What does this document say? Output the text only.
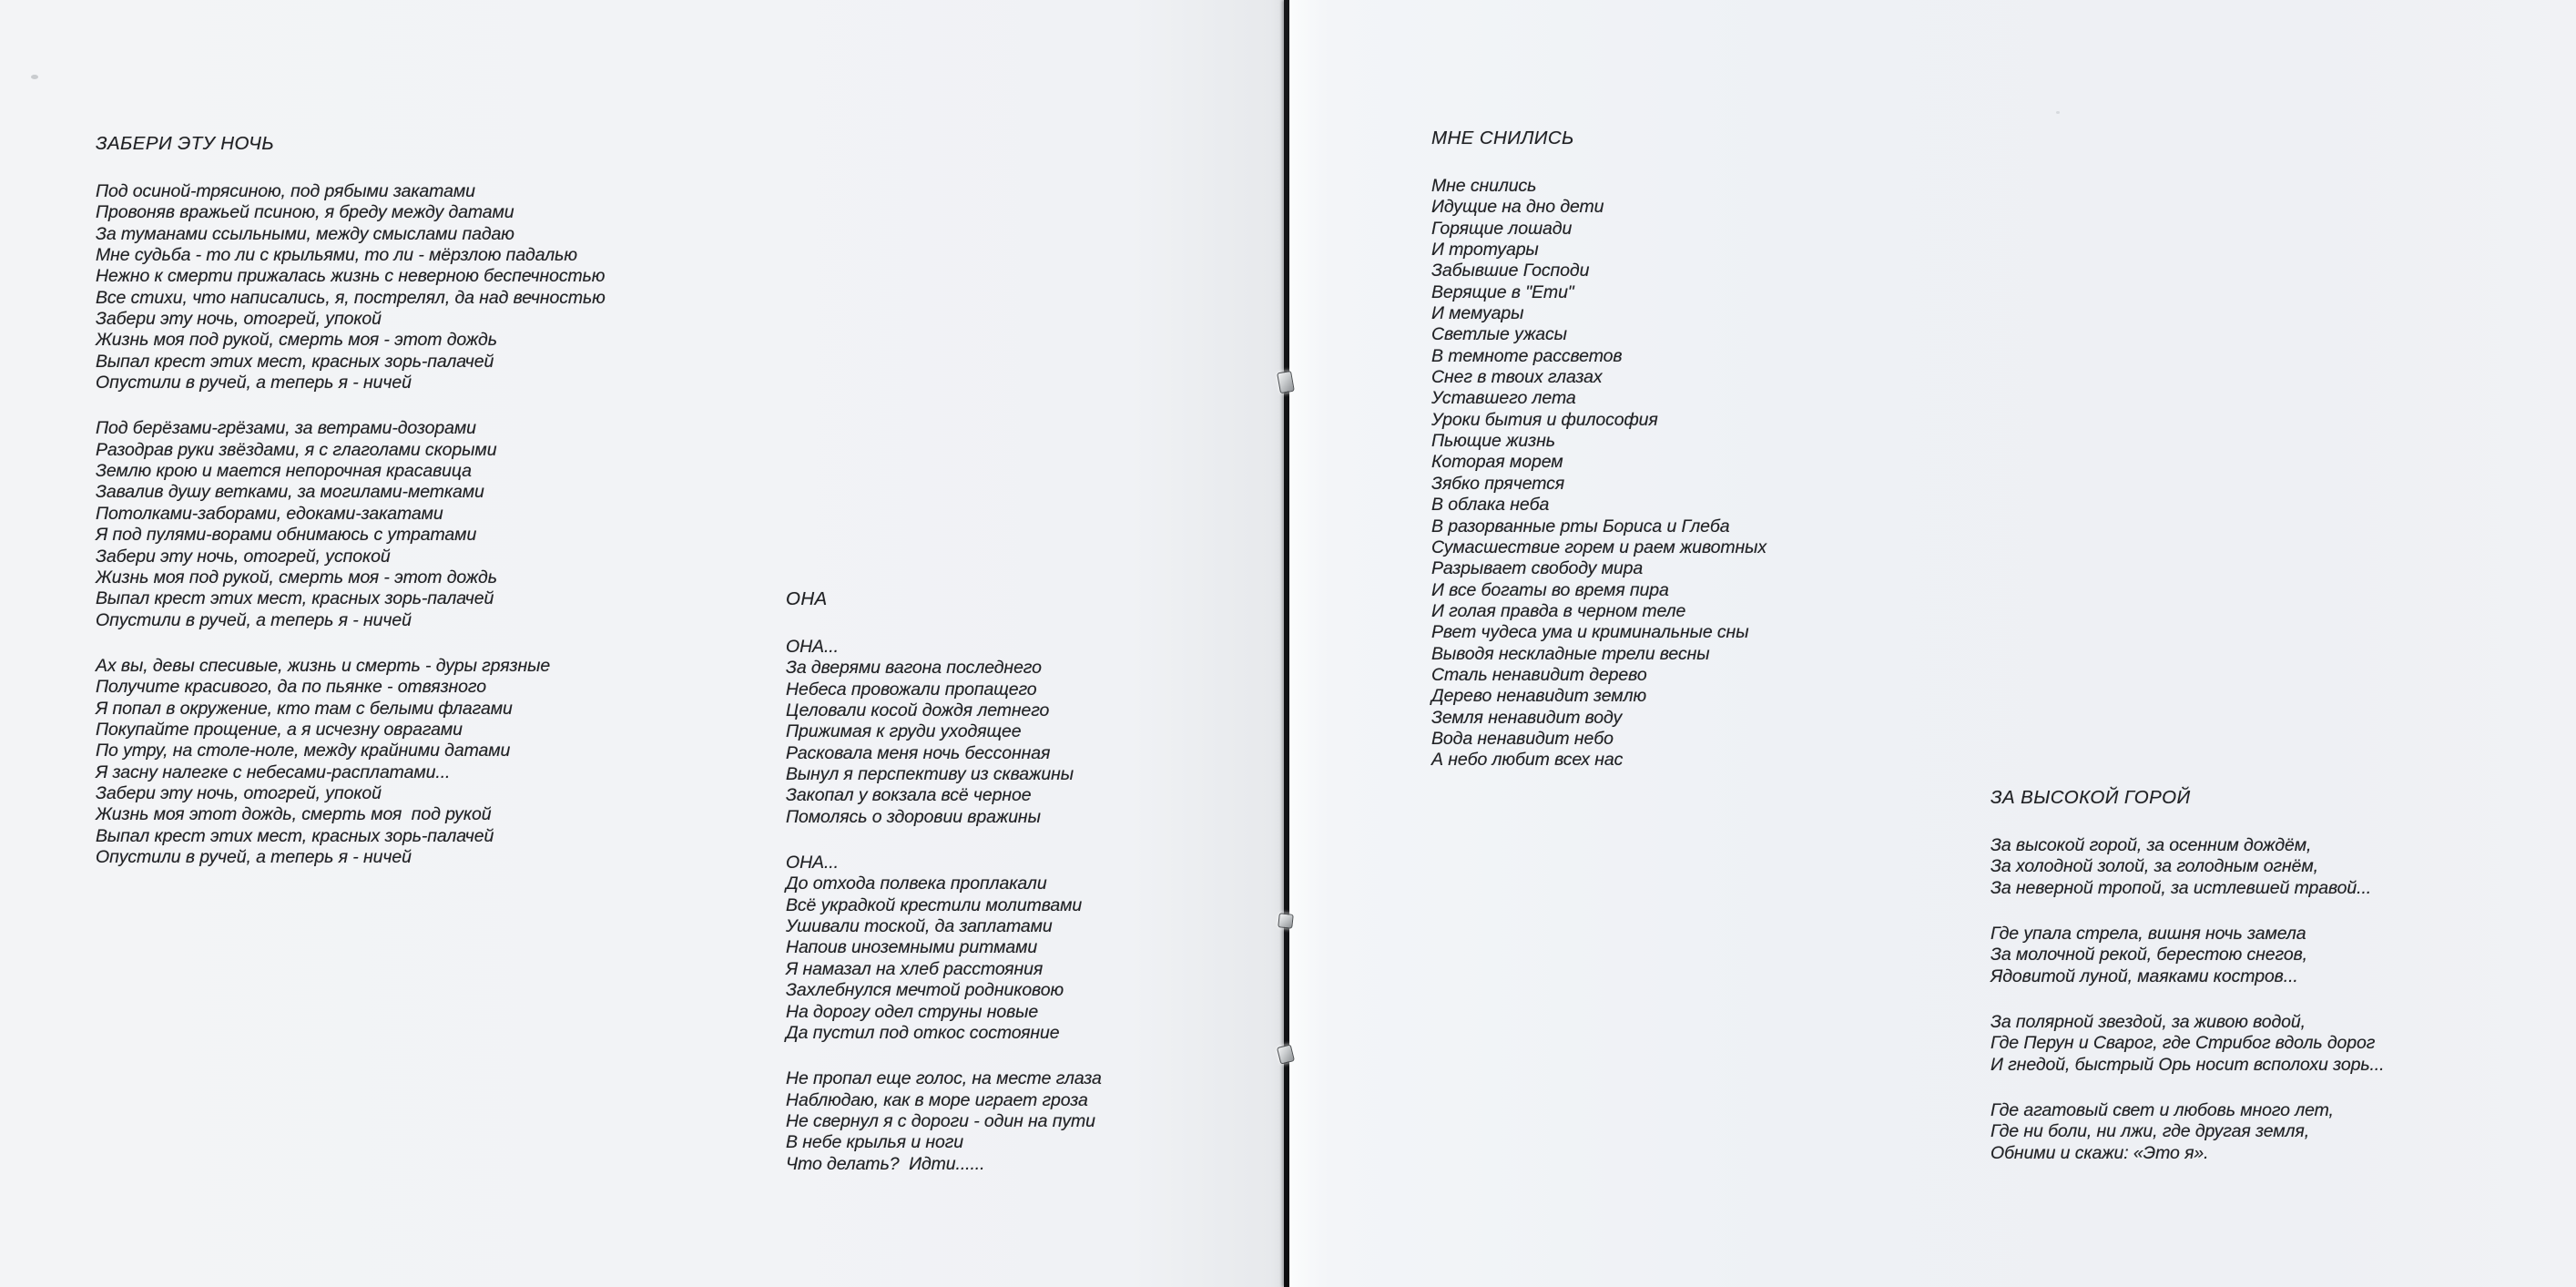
ЗАБЕРИ ЭТУ НОЧЬ
Под осиной-трясиною, под рябыми закатами
Провоняв вражьей псиною, я бреду между датами
За туманами ссыльными, между смыслами падаю
Мне судьба - то ли с крыльями, то ли - мёрзлою падалью
Нежно к смерти прижалась жизнь с неверною беспечностью
Все стихи, что написались, я, пострелял, да над вечностью
Забери эту ночь, отогрей, упокой
Жизнь моя под рукой, смерть моя - этот дождь
Выпал крест этих мест, красных зорь-палачей
Опустили в ручей, а теперь я - ничей
Под берёзами-грёзами, за ветрами-дозорами
Разодрав руки звёздами, я с глаголами скорыми
Землю крою и мается непорочная красавица
Завалив душу ветками, за могилами-метками
Потолками-заборами, едоками-закатами
Я под пулями-ворами обнимаюсь с утратами
Забери эту ночь, отогрей, успокой
Жизнь моя под рукой, смерть моя - этот дождь
Выпал крест этих мест, красных зорь-палачей
Опустили в ручей, а теперь я - ничей
Ах вы, девы спесивые, жизнь и смерть - дуры грязные
Получите красивого, да по пьянке - отвязного
Я попал в окружение, кто там с белыми флагами
Покупайте прощение, а я исчезну оврагами
По утру, на столе-ноле, между крайними датами
Я засну налегке с небесами-расплатами...
Забери эту ночь, отогрей, упокой
Жизнь моя этот дождь, смерть моя  под рукой
Выпал крест этих мест, красных зорь-палачей
Опустили в ручей, а теперь я - ничей
ОНА
ОНА...
За дверями вагона последнего
Небеса провожали пропащего
Целовали косой дождя летнего
Прижимая к груди уходящее
Расковала меня ночь бессонная
Вынул я перспективу из скважины
Закопал у вокзала всё черное
Помолясь о здоровии вражины
ОНА...
До отхода полвека проплакали
Всё украдкой крестили молитвами
Ушивали тоской, да заплатами
Напоив иноземными ритмами
Я намазал на хлеб расстояния
Захлебнулся мечтой родниковою
На дорогу одел струны новые
Да пустил под откос состояние
Не пропал еще голос, на месте глаза
Наблюдаю, как в море играет гроза
Не свернул я с дороги - один на пути
В небе крылья и ноги
Что делать?  Идти......
МНЕ СНИЛИСЬ
Мне снились
Идущие на дно дети
Горящие лошади
И тротуары
Забывшие Господи
Верящие в "Ети"
И мемуары
Светлые ужасы
В темноте рассветов
Снег в твоих глазах
Уставшего лета
Уроки бытия и философия
Пьющие жизнь
Которая морем
Зябко прячется
В облака неба
В разорванные рты Бориса и Глеба
Сумасшествие горем и раем животных
Разрывает свободу мира
И все богаты во время пира
И голая правда в черном теле
Рвет чудеса ума и криминальные сны
Выводя нескладные трели весны
Сталь ненавидит дерево
Дерево ненавидит землю
Земля ненавидит воду
Вода ненавидит небо
А небо любит всех нас
ЗА ВЫСОКОЙ ГОРОЙ
За высокой горой, за осенним дождём,
За холодной золой, за голодным огнём,
За неверной тропой, за истлевшей травой...
Где упала стрела, вишня ночь замела
За молочной рекой, берестою снегов,
Ядовитой луной, маяками костров...
За полярной звездой, за живою водой,
Где Перун и Сварог, где Стрибог вдоль дорог
И гнедой, быстрый Орь носит всполохи зорь...
Где агатовый свет и любовь много лет,
Где ни боли, ни лжи, где другая земля,
Обними и скажи: «Это я».
